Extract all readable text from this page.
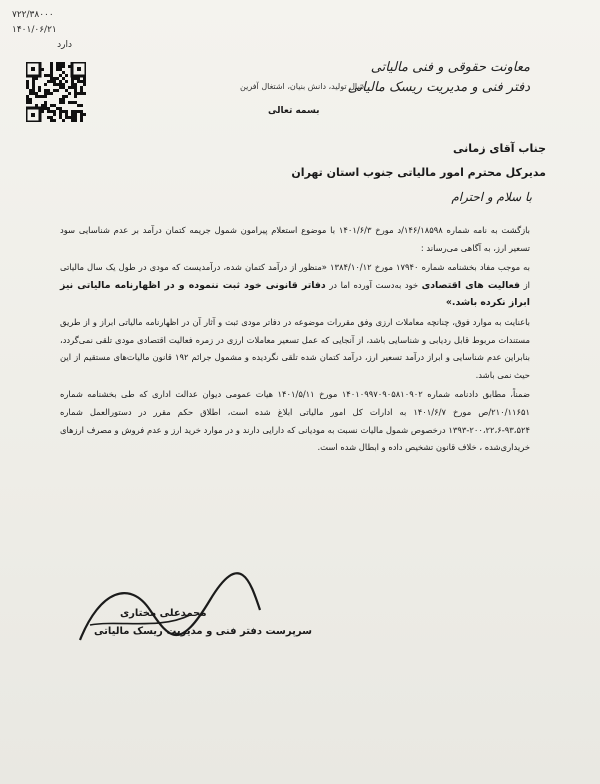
۷۲۲/۳۸۰۰۰
۱۴۰۱/۰۶/۲۱
دارد
سال تولید، دانش بنیان، اشتغال آفرین
بسمه تعالی
معاونت حقوقی و فنی مالیاتی
دفتر فنی و مدیریت ریسک مالیاتی
جناب آقای زمانی
مدیرکل محترم امور مالیاتی جنوب استان تهران
با سلام و احترام

بازگشت به نامه شماره ۱۴۶/۱۸۵۹۸/د مورخ ۱۴۰۱/۶/۳ با موضوع استعلام پیرامون شمول جریمه کتمان درآمد بر عدم شناسایی سود تسعیر ارز، به آگاهی می‌رساند :

به موجب مفاد بخشنامه شماره ۱۷۹۴۰ مورخ ۱۳۸۴/۱۰/۱۲ «منظور از درآمد کتمان شده، درآمدیست که مودی در طول یک سال مالیاتی از فعالیت های اقتصادی خود به‌دست آورده اما در دفاتر قانونی خود ثبت ننموده و در اظهارنامه مالیاتی نیز ابراز نکرده باشد.»

باعنایت به موارد فوق، چنانچه معاملات ارزی وفق مقررات موضوعه در دفاتر مودی ثبت و آثار آن در اظهارنامه مالیاتی ابراز و از طریق مستندات مربوط قابل ردیابی و شناسایی باشد، از آنجایی که عمل تسعیر معاملات ارزی در زمره فعالیت اقتصادی مودی تلقی نمی‌گردد، بنابراین عدم شناسایی و ابراز درآمد تسعیر ارز، درآمد کتمان شده تلقی نگردیده و مشمول جرائم ۱۹۲ قانون مالیات‌های مستقیم از این حیث نمی باشد.

ضمناً، مطابق دادنامه شماره ۱۴۰۱۰۹۹۷۰۹۰۵۸۱۰۹۰۲ مورخ ۱۴۰۱/۵/۱۱ هیات عمومی دیوان عدالت اداری که طی بخشنامه شماره ۲۱۰/۱۱۶۵۱/ص مورخ ۱۴۰۱/۶/۷ به ادارات کل امور مالیاتی ابلاغ شده است، اطلاق حکم مقرر در دستورالعمل شماره ۹۳،۵۲۴-۲۰۰،۲۲،۶-۱۳۹۳ درخصوص شمول مالیات نسبت به مودیانی که دارایی دارند و در موارد خرید ارز و عدم فروش و مصرف ارزهای خریداری‌شده ، خلاف قانون تشخیص داده و ابطال شده است.

محمدعلی مختاری
سرپرست دفتر فنی و مدیریت ریسک مالیاتی
